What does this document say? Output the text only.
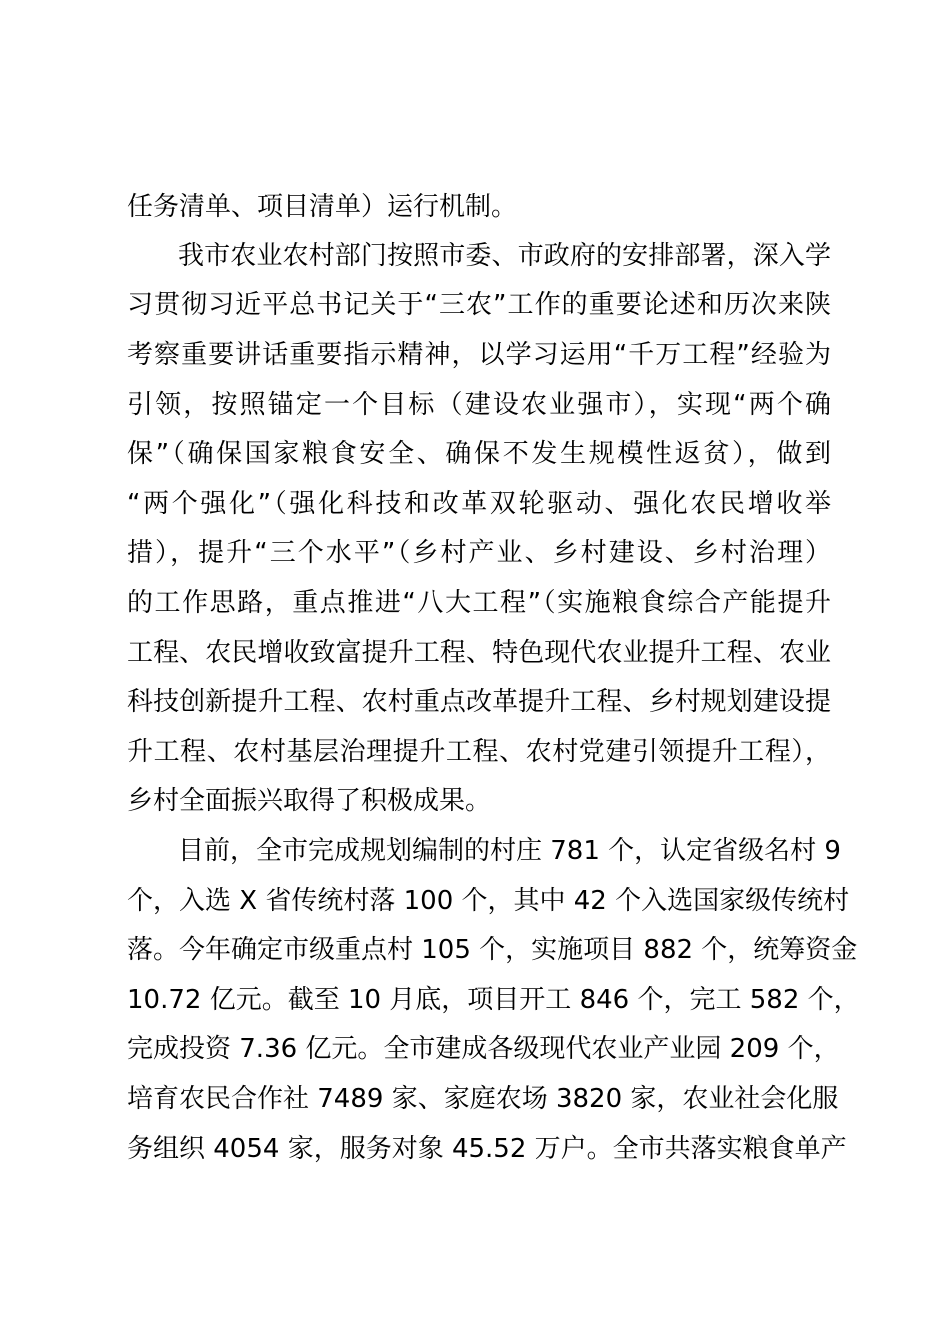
任务清单、项目清单）运行机制。
我市农业农村部门按照市委、市政府的安排部署，深入学
习贯彻习近平总书记关于“三农”工作的重要论述和历次来陕
考察重要讲话重要指示精神，以学习运用“千万工程”经验为
引领，按照锚定一个目标（建设农业强市），实现“两个确
保”（确保国家粮食安全、确保不发生规模性返贫），做到
“两个强化”（强化科技和改革双轮驱动、强化农民增收举
措），提升“三个水平”（乡村产业、乡村建设、乡村治理）
的工作思路，重点推进“八大工程”（实施粮食综合产能提升
工程、农民增收致富提升工程、特色现代农业提升工程、农业
科技创新提升工程、农村重点改革提升工程、乡村规划建设提
升工程、农村基层治理提升工程、农村党建引领提升工程），
乡村全面振兴取得了积极成果。
目前，全市完成规划编制的村庄 781 个，认定省级名村 9
个，入选 X 省传统村落 100 个，其中 42 个入选国家级传统村
落。今年确定市级重点村 105 个，实施项目 882 个，统筹资金
10.72 亿元。截至 10 月底，项目开工 846 个，完工 582 个，
完成投资 7.36 亿元。全市建成各级现代农业产业园 209 个，
培育农民合作社 7489 家、家庭农场 3820 家，农业社会化服
务组织 4054 家，服务对象 45.52 万户。全市共落实粮食单产
